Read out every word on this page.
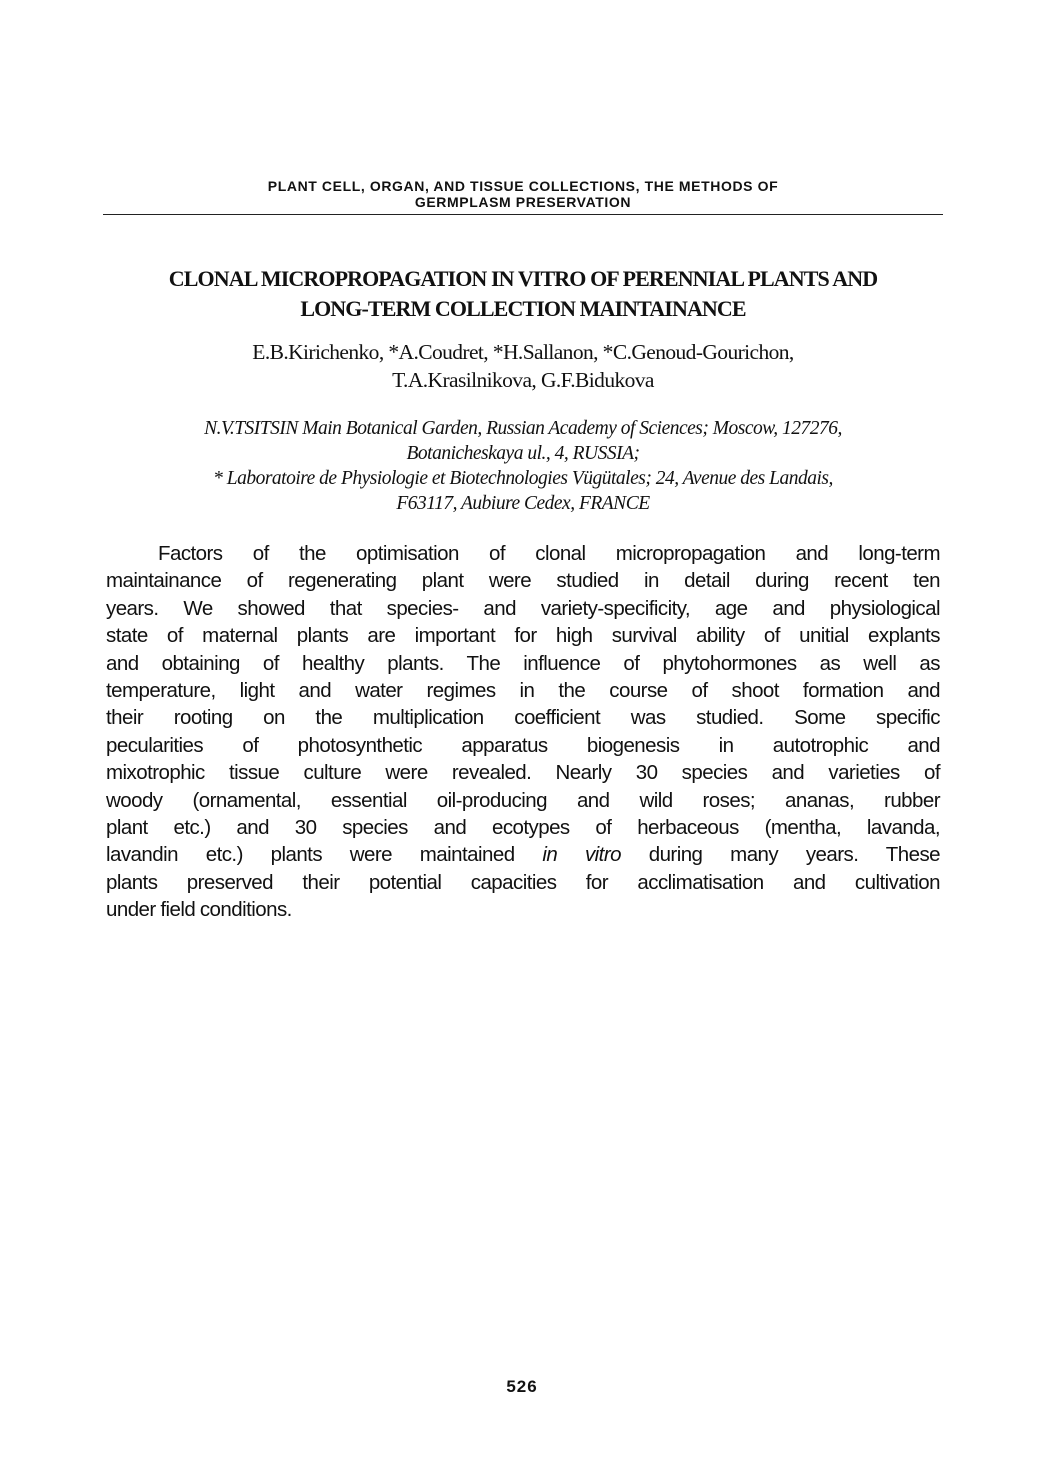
PLANT CELL, ORGAN, AND TISSUE COLLECTIONS, THE METHODS OF
GERMPLASM PRESERVATION
CLONAL MICROPROPAGATION IN VITRO OF PERENNIAL PLANTS AND
LONG-TERM COLLECTION MAINTAINANCE
E.B.Kirichenko, *A.Coudret, *H.Sallanon, *C.Genoud-Gourichon,
T.A.Krasilnikova, G.F.Bidukova
N.V.TSITSIN Main Botanical Garden, Russian Academy of Sciences; Moscow, 127276,
Botanicheskaya ul., 4, RUSSIA;
* Laboratoire de Physiologie et Biotechnologies Vügütales; 24, Avenue des Landais,
F63117, Aubiure Cedex, FRANCE
Factors of the optimisation of clonal micropropagation and long-term
maintainance of regenerating plant were studied in detail during recent ten
years. We showed that species- and variety-specificity, age and physiological
state of maternal plants are important for high survival ability of unitial explants
and obtaining of healthy plants. The influence of phytohormones as well as
temperature, light and water regimes in the course of shoot formation and
their rooting on the multiplication coefficient was studied. Some specific
pecularities of photosynthetic apparatus biogenesis in autotrophic and
mixotrophic tissue culture were revealed. Nearly 30 species and varieties of
woody (ornamental, essential oil-producing and wild roses; ananas, rubber
plant etc.) and 30 species and ecotypes of herbaceous (mentha, lavanda,
lavandin etc.) plants were maintained in vitro during many years. These
plants preserved their potential capacities for acclimatisation and cultivation
under field conditions.
526
